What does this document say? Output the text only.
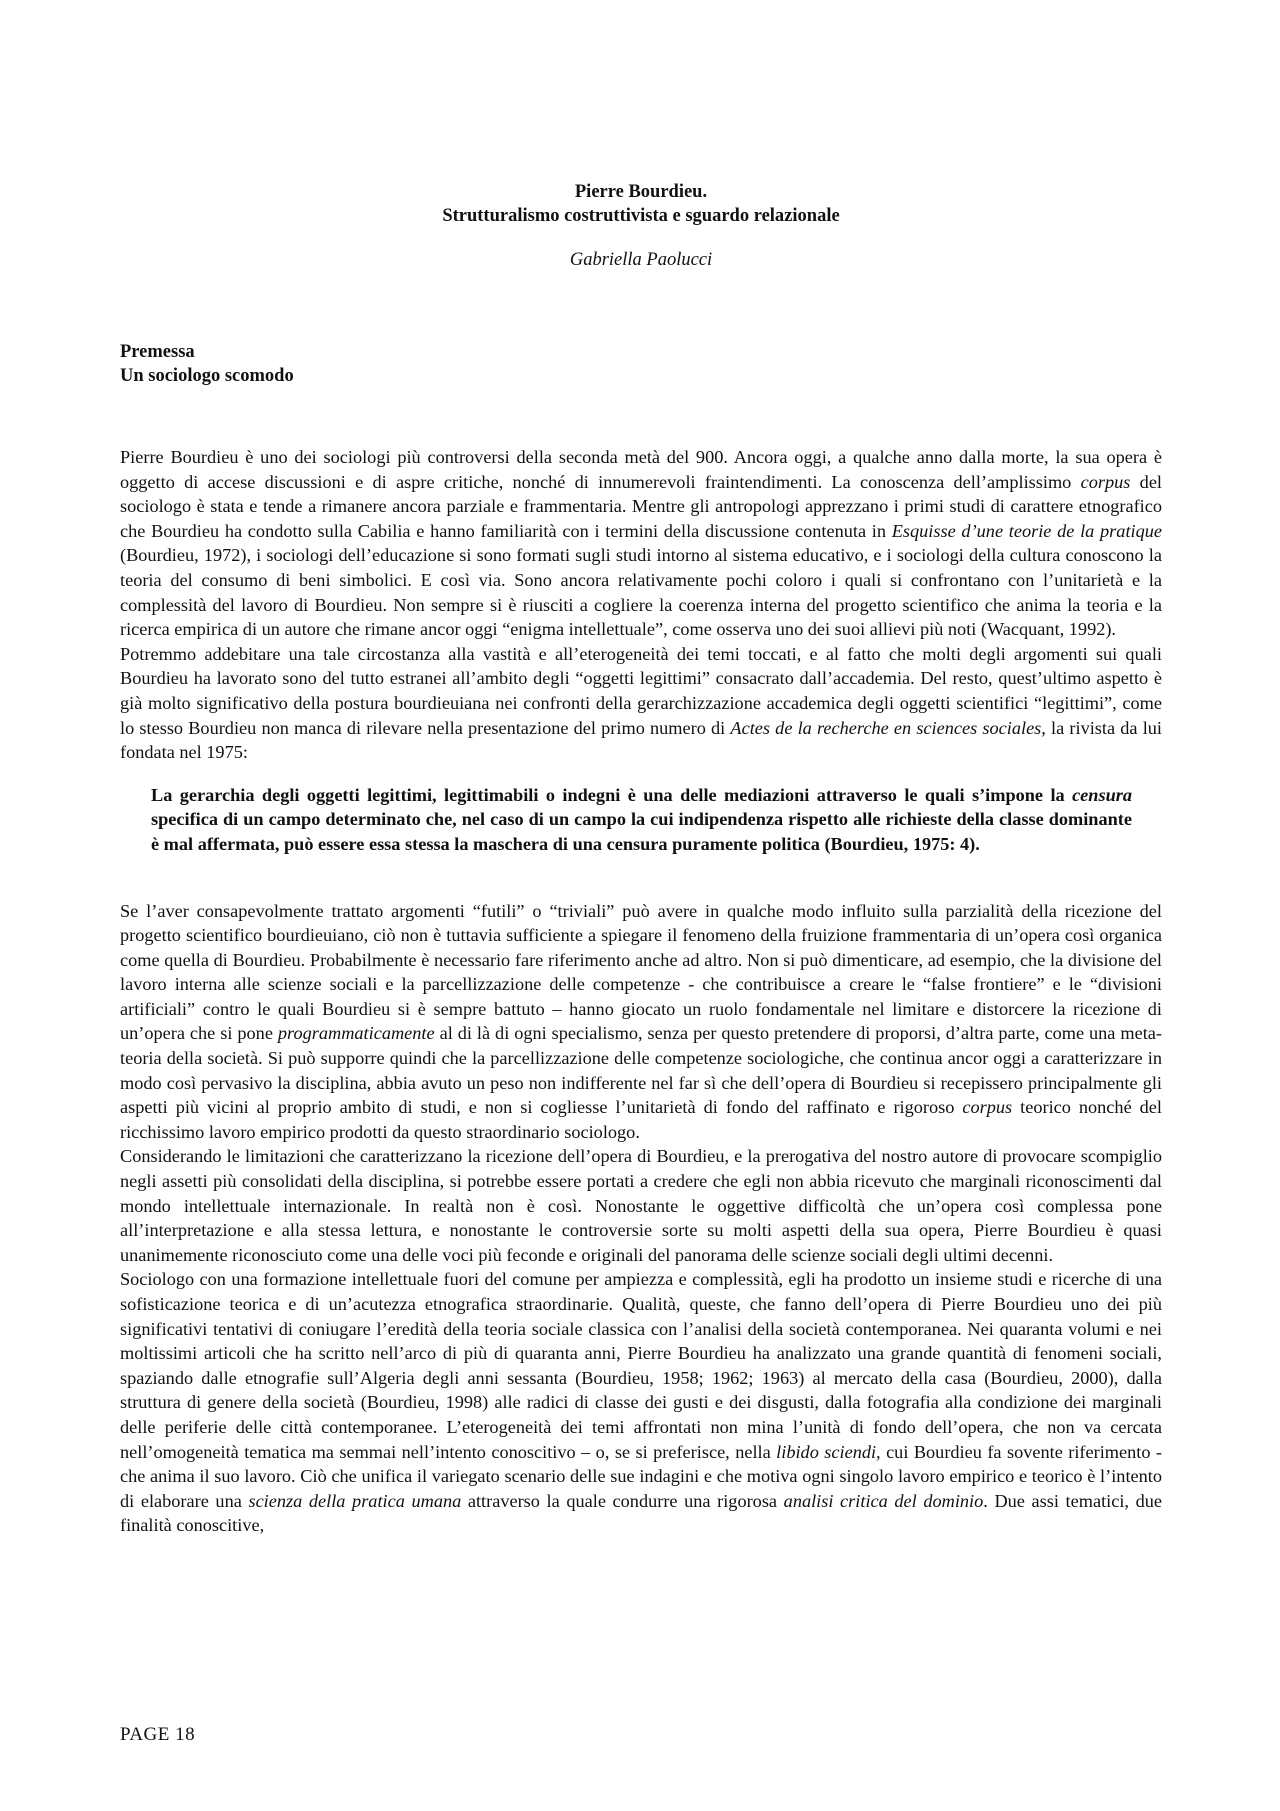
Pierre Bourdieu.
Strutturalismo costruttivista e sguardo relazionale
Gabriella Paolucci
Premessa
Un sociologo scomodo

Pierre Bourdieu è uno dei sociologi più controversi della seconda metà del 900. Ancora oggi, a qualche anno dalla morte, la sua opera è oggetto di accese discussioni e di aspre critiche, nonché di innumerevoli fraintendimenti. La conoscenza dell’amplissimo corpus del sociologo è stata e tende a rimanere ancora parziale e frammentaria. Mentre gli antropologi apprezzano i primi studi di carattere etnografico che Bourdieu ha condotto sulla Cabilia e hanno familiarità con i termini della discussione contenuta in Esquisse d’une teorie de la pratique (Bourdieu, 1972), i sociologi dell’educazione si sono formati sugli studi intorno al sistema educativo, e i sociologi della cultura conoscono la teoria del consumo di beni simbolici. E così via. Sono ancora relativamente pochi coloro i quali si confrontano con l’unitarietà e la complessità del lavoro di Bourdieu. Non sempre si è riusciti a cogliere la coerenza interna del progetto scientifico che anima la teoria e la ricerca empirica di un autore che rimane ancor oggi “enigma intellettuale”, come osserva uno dei suoi allievi più noti (Wacquant, 1992).

Potremmo addebitare una tale circostanza alla vastità e all’eterogeneità dei temi toccati, e al fatto che molti degli argomenti sui quali Bourdieu ha lavorato sono del tutto estranei all’ambito degli “oggetti legittimi” consacrato dall’accademia. Del resto, quest’ultimo aspetto è già molto significativo della postura bourdieuiana nei confronti della gerarchizzazione accademica degli oggetti scientifici “legittimi”, come lo stesso Bourdieu non manca di rilevare nella presentazione del primo numero di Actes de la recherche en sciences sociales, la rivista da lui fondata nel 1975:

La gerarchia degli oggetti legittimi, legittimabili o indegni è una delle mediazioni attraverso le quali s’impone la censura specifica di un campo determinato che, nel caso di un campo la cui indipendenza rispetto alle richieste della classe dominante è mal affermata, può essere essa stessa la maschera di una censura puramente politica (Bourdieu, 1975: 4).

Se l’aver consapevolmente trattato argomenti “futili” o “triviali” può avere in qualche modo influito sulla parzialità della ricezione del progetto scientifico bourdieuiano, ciò non è tuttavia sufficiente a spiegare il fenomeno della fruizione frammentaria di un’opera così organica come quella di Bourdieu. Probabilmente è necessario fare riferimento anche ad altro. Non si può dimenticare, ad esempio, che la divisione del lavoro interna alle scienze sociali e la parcellizzazione delle competenze - che contribuisce a creare le “false frontiere” e le “divisioni artificiali” contro le quali Bourdieu si è sempre battuto – hanno giocato un ruolo fondamentale nel limitare e distorcere la ricezione di un’opera che si pone programmaticamente al di là di ogni specialismo, senza per questo pretendere di proporsi, d’altra parte, come una meta-teoria della società. Si può supporre quindi che la parcellizzazione delle competenze sociologiche, che continua ancor oggi a caratterizzare in modo così pervasivo la disciplina, abbia avuto un peso non indifferente nel far sì che dell’opera di Bourdieu si recepissero principalmente gli aspetti più vicini al proprio ambito di studi, e non si cogliesse l’unitarietà di fondo del raffinato e rigoroso corpus teorico nonché del ricchissimo lavoro empirico prodotti da questo straordinario sociologo.

Considerando le limitazioni che caratterizzano la ricezione dell’opera di Bourdieu, e la prerogativa del nostro autore di provocare scompiglio negli assetti più consolidati della disciplina, si potrebbe essere portati a credere che egli non abbia ricevuto che marginali riconoscimenti dal mondo intellettuale internazionale. In realtà non è così. Nonostante le oggettive difficoltà che un’opera così complessa pone all’interpretazione e alla stessa lettura, e nonostante le controversie sorte su molti aspetti della sua opera, Pierre Bourdieu è quasi unanimemente riconosciuto come una delle voci più feconde e originali del panorama delle scienze sociali degli ultimi decenni.

Sociologo con una formazione intellettuale fuori del comune per ampiezza e complessità, egli ha prodotto un insieme studi e ricerche di una sofisticazione teorica e di un’acutezza etnografica straordinarie. Qualità, queste, che fanno dell’opera di Pierre Bourdieu uno dei più significativi tentativi di coniugare l’eredità della teoria sociale classica con l’analisi della società contemporanea. Nei quaranta volumi e nei moltissimi articoli che ha scritto nell’arco di più di quaranta anni, Pierre Bourdieu ha analizzato una grande quantità di fenomeni sociali, spaziando dalle etnografie sull’Algeria degli anni sessanta (Bourdieu, 1958; 1962; 1963) al mercato della casa (Bourdieu, 2000), dalla struttura di genere della società (Bourdieu, 1998) alle radici di classe dei gusti e dei disgusti, dalla fotografia alla condizione dei marginali delle periferie delle città contemporanee. L’eterogeneità dei temi affrontati non mina l’unità di fondo dell’opera, che non va cercata nell’omogeneità tematica ma semmai nell’intento conoscitivo – o, se si preferisce, nella libido sciendi, cui Bourdieu fa sovente riferimento - che anima il suo lavoro. Ciò che unifica il variegato scenario delle sue indagini e che motiva ogni singolo lavoro empirico e teorico è l’intento di elaborare una scienza della pratica umana attraverso la quale condurre una rigorosa analisi critica del dominio. Due assi tematici, due finalità conoscitive,

PAGE 18
